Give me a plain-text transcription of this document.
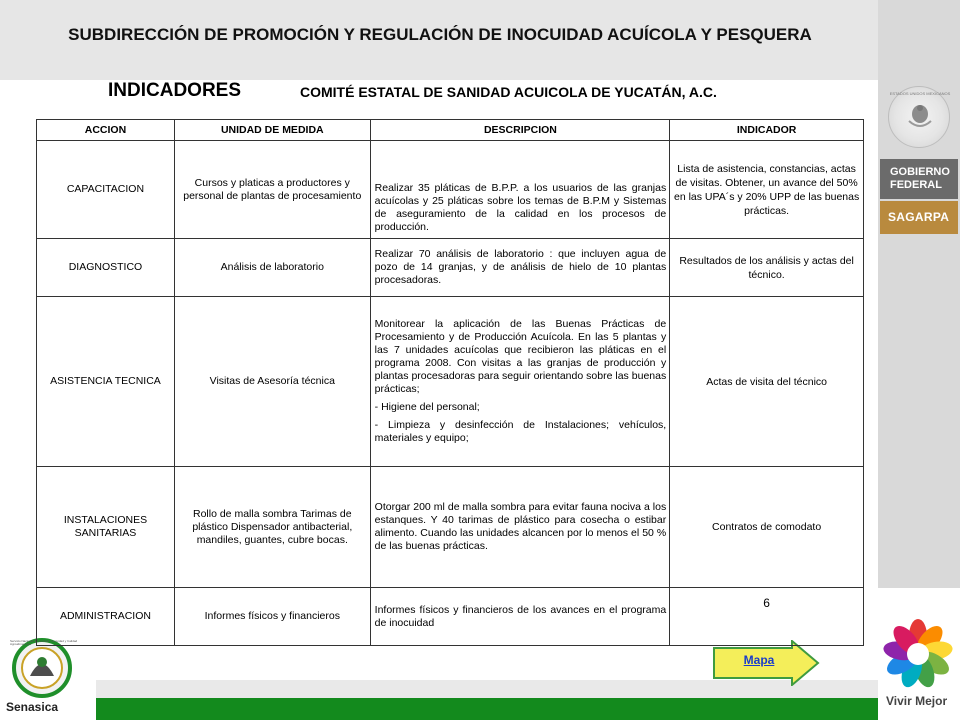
SUBDIRECCIÓN DE PROMOCIÓN Y REGULACIÓN DE INOCUIDAD ACUÍCOLA Y PESQUERA
INDICADORES	COMITÉ ESTATAL DE SANIDAD ACUICOLA DE YUCATÁN, A.C.	ESTADOS UNIDOS MEXICANOS
GOBIERNO
FEDERAL
SAGARPA
Vivir Mejor
Senasica
Servicio Nacional de Sanidad, Inocuidad y Calidad Agroalimentaria
Mapa
ACCION	UNIDAD DE MEDIDA	DESCRIPCION	INDICADOR
CAPACITACION	Cursos y platicas a productores y personal de plantas de procesamiento	Realizar 35 pláticas de B.P.P. a los usuarios de las granjas acuícolas y 25 pláticas sobre los temas de B.P.M y Sistemas de aseguramiento de la calidad en los procesos de producción.	Lista de asistencia, constancias, actas de visitas. Obtener, un avance del 50% en las UPA´s y 20% UPP de las buenas prácticas.
DIAGNOSTICO	Análisis de laboratorio	Realizar 70 análisis de laboratorio : que incluyen agua de pozo de 14 granjas, y de análisis de hielo de 10 plantas procesadoras.	Resultados de los análisis y actas del técnico.
ASISTENCIA TECNICA	Visitas de Asesoría técnica	Monitorear la aplicación de las Buenas Prácticas de Procesamiento y de Producción Acuícola. En las 5 plantas y las 7 unidades acuícolas que recibieron las pláticas en el programa 2008. Con visitas a las granjas de producción y plantas procesadoras para seguir orientando sobre las buenas prácticas;
- Higiene del personal;
- Limpieza y desinfección de Instalaciones; vehículos, materiales y equipo;	Actas de visita del técnico
INSTALACIONES SANITARIAS	Rollo de malla sombra Tarimas de plástico Dispensador antibacterial, mandiles, guantes, cubre bocas.	Otorgar 200 ml de malla sombra para evitar fauna nociva a los estanques. Y 40 tarimas de plástico para cosecha o estibar alimento. Cuando las unidades alcancen por lo menos el 50 % de las buenas prácticas.	Contratos de comodato
ADMINISTRACION	Informes físicos y financieros	Informes físicos y financieros de los avances en el programa de inocuidad	6
